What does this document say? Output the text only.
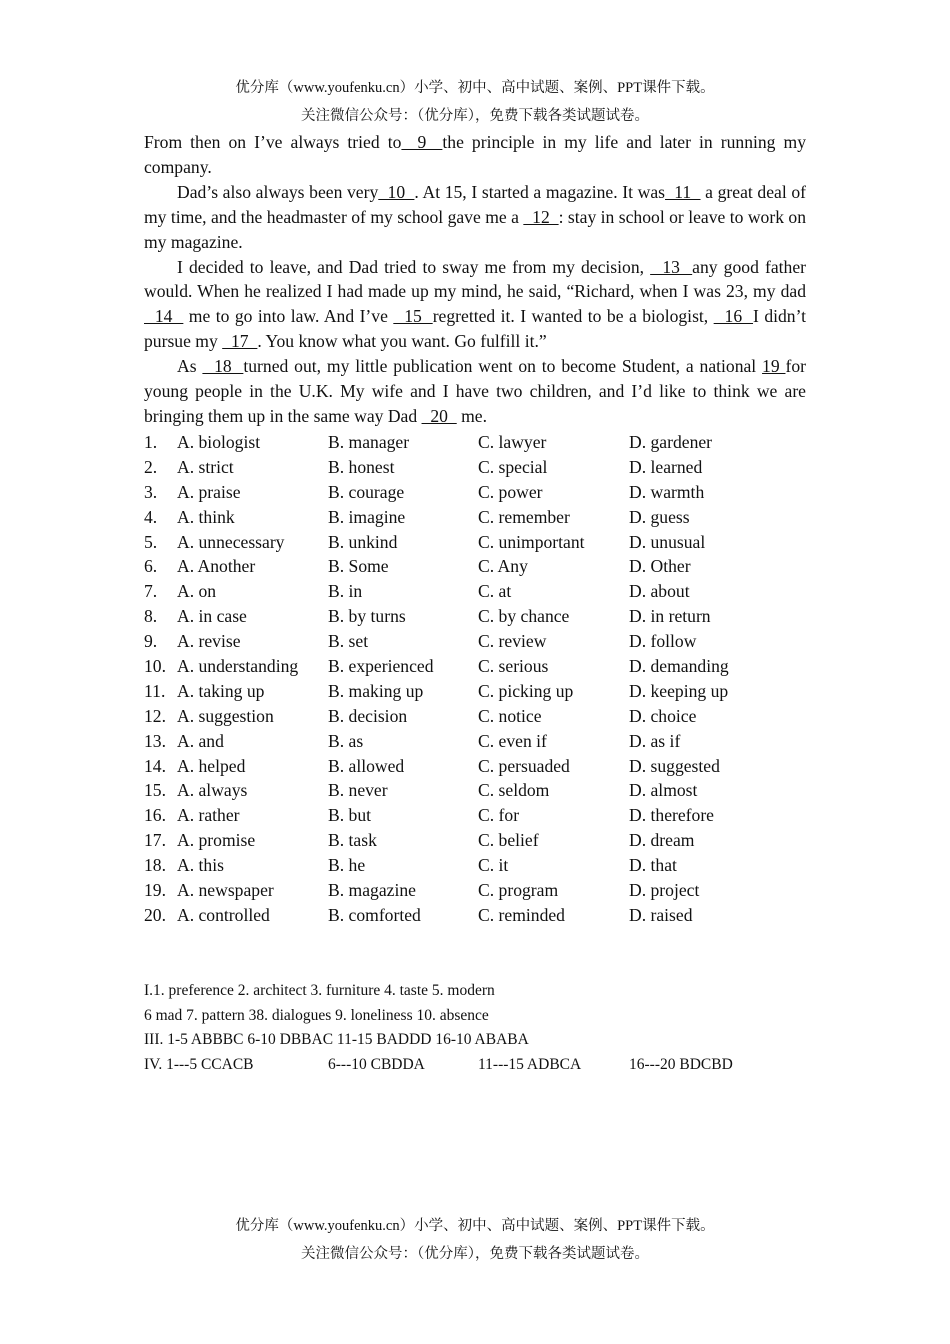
优分库（www.youfenku.cn）小学、初中、高中试题、案例、PPT课件下载。
关注微信公众号：（优分库），免费下载各类试题试卷。

From then on I’ve always tried to  9  the principle in my life and later in running my company.

Dad’s also always been very  10  . At 15, I started a magazine. It was  11   a great deal of my time, and the headmaster of my school gave me a   12  : stay in school or leave to work on my magazine.

I decided to leave, and Dad tried to sway me from my decision,   13  any good father would. When he realized I had made up my mind, he said, “Richard, when I was 23, my dad   14   me to go into law. And I’ve   15  regretted it. I wanted to be a biologist,   16  I didn’t pursue my   17  . You know what you want. Go fulfill it.”

As   18  turned out, my little publication went on to become Student, a national 19 for young people in the U.K. My wife and I have two children, and I’d like to think we are bringing them up in the same way Dad   20   me.

1. A. biologist	B. manager	C. lawyer	D. gardener
2. A. strict	B. honest	C. special	D. learned
3. A. praise	B. courage	C. power	D. warmth
4. A. think	B. imagine	C. remember	D. guess
5. A. unnecessary B. unkind	C. unimportant	D. unusual
6. A. Another	B. Some	C. Any	D. Other
7. A. on	B. in	C. at	D. about
8. A. in case	B. by turns	C. by chance	D. in return
9. A. revise	B. set	C. review	D. follow
10. A. understanding B. experienced	C. serious	D. demanding
11. A. taking up	B. making up	C. picking up	D. keeping up
12. A. suggestion	B. decision	C. notice	D. choice
13. A. and	B. as	C. even if	D. as if
14. A. helped	B. allowed	C. persuaded	D. suggested
15. A. always	B. never	C. seldom	D. almost
16. A. rather	B. but	C. for	D. therefore
17. A. promise	B. task	C. belief	D. dream
18. A. this	B. he	C. it	D. that
19. A. newspaper	B. magazine	C. program	D. project
20. A. controlled	B. comforted	C. reminded	D. raised
I.1. preference 2. architect 3. furniture 4. taste 5. modern
6 mad 7. pattern 38. dialogues 9. loneliness 10. absence
III. 1-5 ABBBC 6-10 DBBAC 11-15 BADDD 16-10 ABABA
IV. 1---5 CCACB	6---10 CBDDA	11---15 ADBCA	16---20 BDCBD
优分库（www.youfenku.cn）小学、初中、高中试题、案例、PPT课件下载。
关注微信公众号：（优分库），免费下载各类试题试卷。
